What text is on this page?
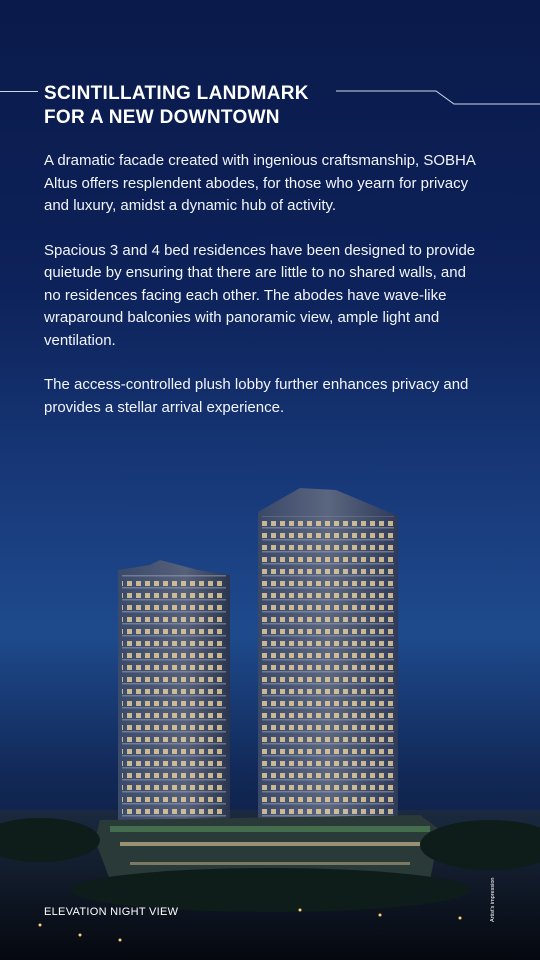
SCINTILLATING LANDMARK
FOR A NEW DOWNTOWN

A dramatic facade created with ingenious craftsmanship, SOBHA Altus offers resplendent abodes, for those who yearn for privacy and luxury, amidst a dynamic hub of activity.

Spacious 3 and 4 bed residences have been designed to provide quietude by ensuring that there are little to no shared walls, and no residences facing each other. The abodes have wave-like wraparound balconies with panoramic view, ample light and ventilation.

The access-controlled plush lobby further enhances privacy and provides a stellar arrival experience.

ELEVATION NIGHT VIEW	Artist's impression
